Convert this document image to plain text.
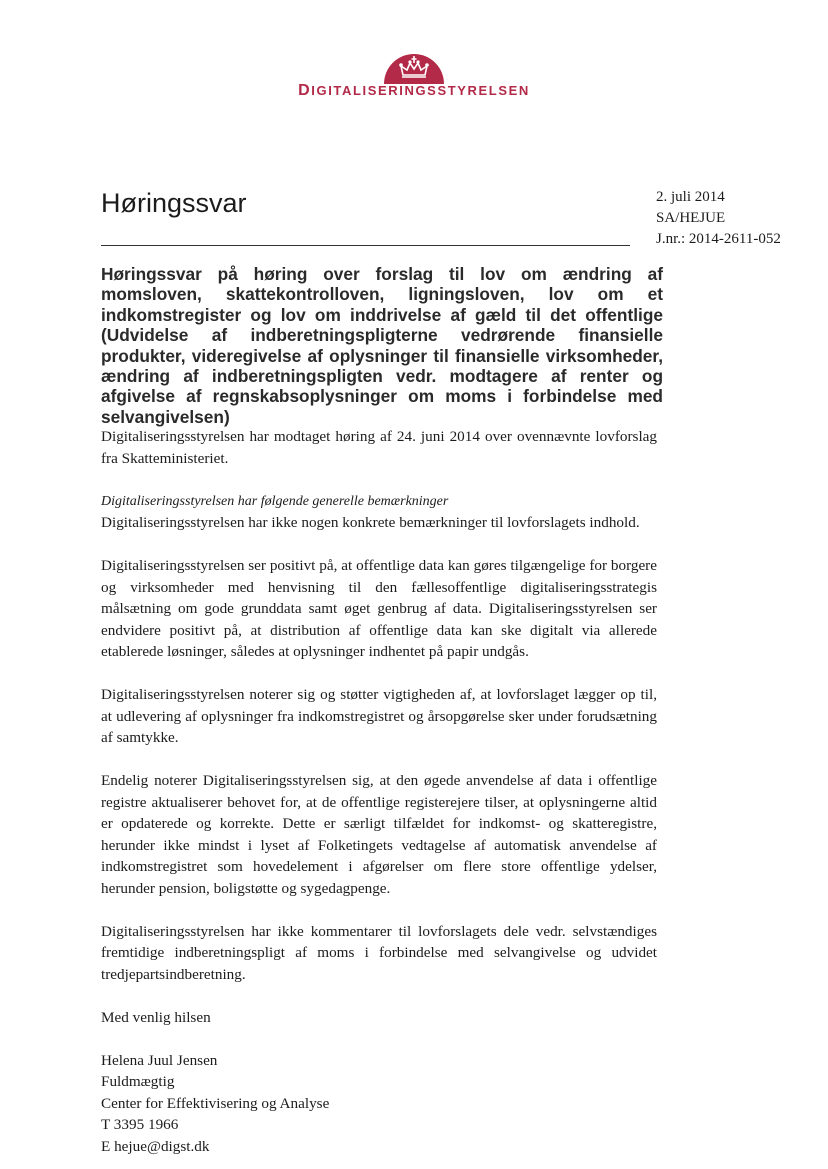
DIGITALISERINGSSTYRELSEN
Høringssvar	2. juli 2014
SA/HEJUE
J.nr.: 2014-2611-052
Høringssvar på høring over forslag til lov om ændring af momsloven, skattekontrolloven, ligningsloven, lov om et indkomstregister og lov om inddrivelse af gæld til det offentlige (Udvidelse af indberetningspligterne vedrørende finansielle produkter, videregivelse af oplysninger til finansielle virksomheder, ændring af indberetningspligten vedr. modtagere af renter og afgivelse af regnskabsoplysninger om moms i forbindelse med selvangivelsen)

Digitaliseringsstyrelsen har modtaget høring af 24. juni 2014 over ovennævnte lovforslag fra Skatteministeriet.

Digitaliseringsstyrelsen har følgende generelle bemærkninger

Digitaliseringsstyrelsen har ikke nogen konkrete bemærkninger til lovforslagets indhold.

Digitaliseringsstyrelsen ser positivt på, at offentlige data kan gøres tilgængelige for borgere og virksomheder med henvisning til den fællesoffentlige digitaliseringsstrategis målsætning om gode grunddata samt øget genbrug af data. Digitaliseringsstyrelsen ser endvidere positivt på, at distribution af offentlige data kan ske digitalt via allerede etablerede løsninger, således at oplysninger indhentet på papir undgås.

Digitaliseringsstyrelsen noterer sig og støtter vigtigheden af, at lovforslaget lægger op til, at udlevering af oplysninger fra indkomstregistret og årsopgørelse sker under forudsætning af samtykke.

Endelig noterer Digitaliseringsstyrelsen sig, at den øgede anvendelse af data i offentlige registre aktualiserer behovet for, at de offentlige registerejere tilser, at oplysningerne altid er opdaterede og korrekte. Dette er særligt tilfældet for indkomst- og skatteregistre, herunder ikke mindst i lyset af Folketingets vedtagelse af automatisk anvendelse af indkomstregistret som hovedelement i afgørelser om flere store offentlige ydelser, herunder pension, boligstøtte og sygedagpenge.

Digitaliseringsstyrelsen har ikke kommentarer til lovforslagets dele vedr. selvstændiges fremtidige indberetningspligt af moms i forbindelse med selvangivelse og udvidet tredjepartsindberetning.

Med venlig hilsen

Helena Juul Jensen
Fuldmægtig
Center for Effektivisering og Analyse
T 3395 1966
E hejue@digst.dk
